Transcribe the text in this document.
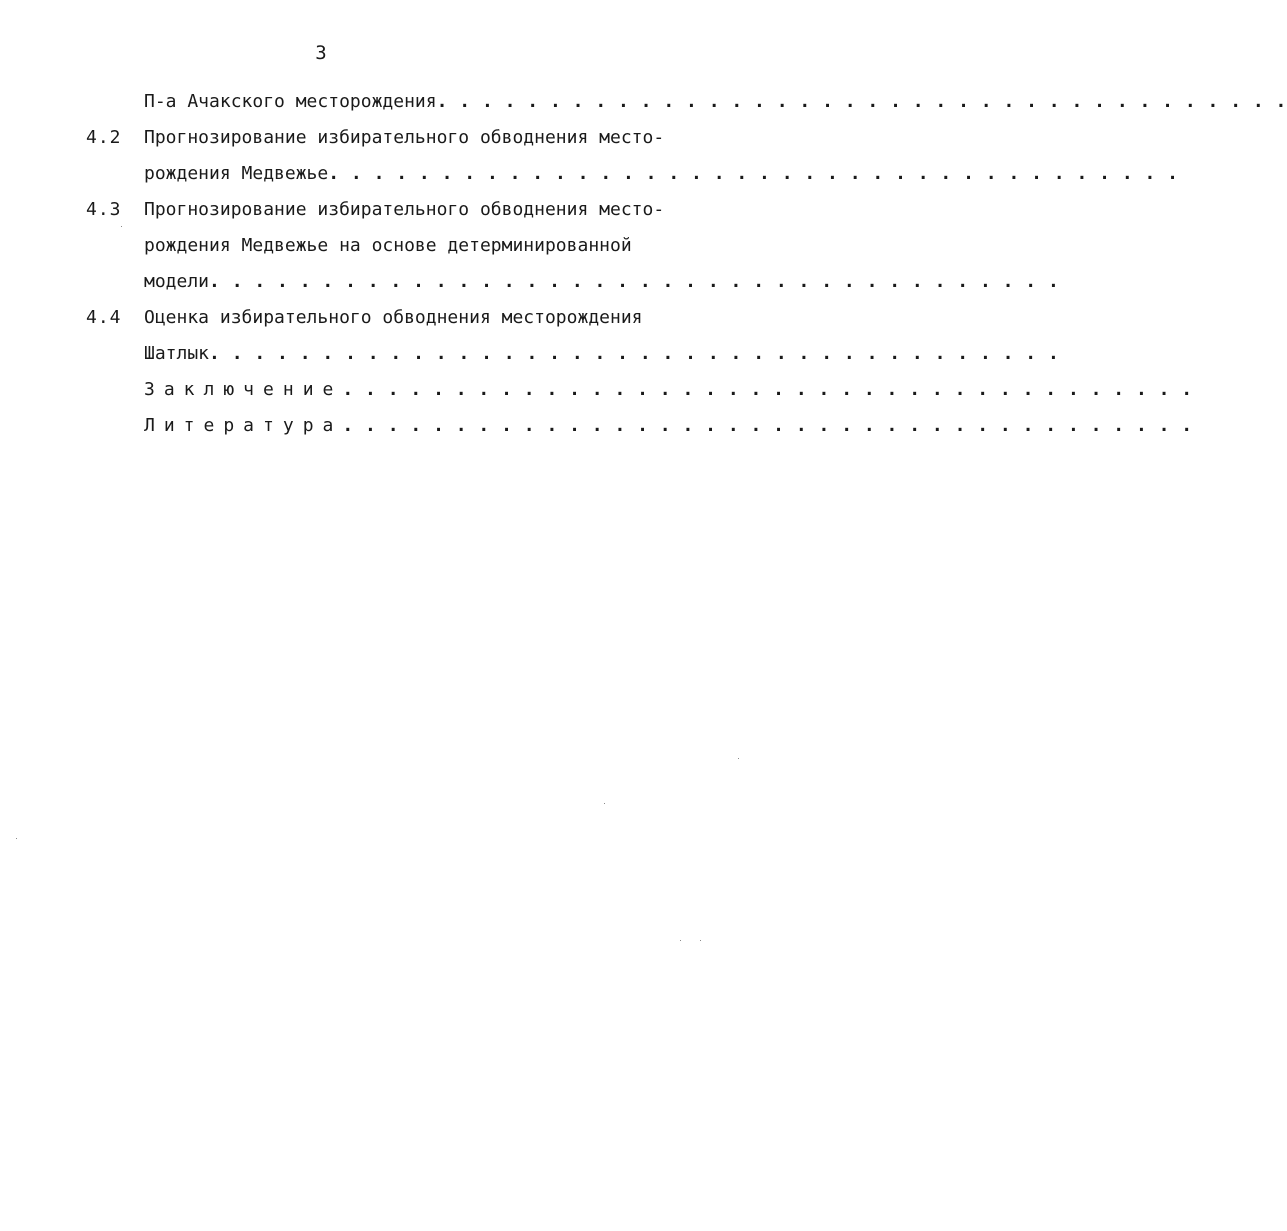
3
П-а Ачакского месторождения . . . . . . . . . . . . . . . . . . . . . . . . . . . . . . . . . . . . . .
4.2	Прогнозирование избирательного обводнения место-
рождения Медвежье . . . . . . . . . . . . . . . . . . . . . . . . . . . . . . . . . . . . . .
4.3	Прогнозирование избирательного обводнения место-
рождения Медвежье на основе детерминированной
модели . . . . . . . . . . . . . . . . . . . . . . . . . . . . . . . . . . . . . .
4.4	Оценка избирательного обводнения месторождения
Шатлык . . . . . . . . . . . . . . . . . . . . . . . . . . . . . . . . . . . . . .
Заключение . . . . . . . . . . . . . . . . . . . . . . . . . . . . . . . . . . . . . .
Литература . . . . . . . . . . . . . . . . . . . . . . . . . . . . . . . . . . . . . .
